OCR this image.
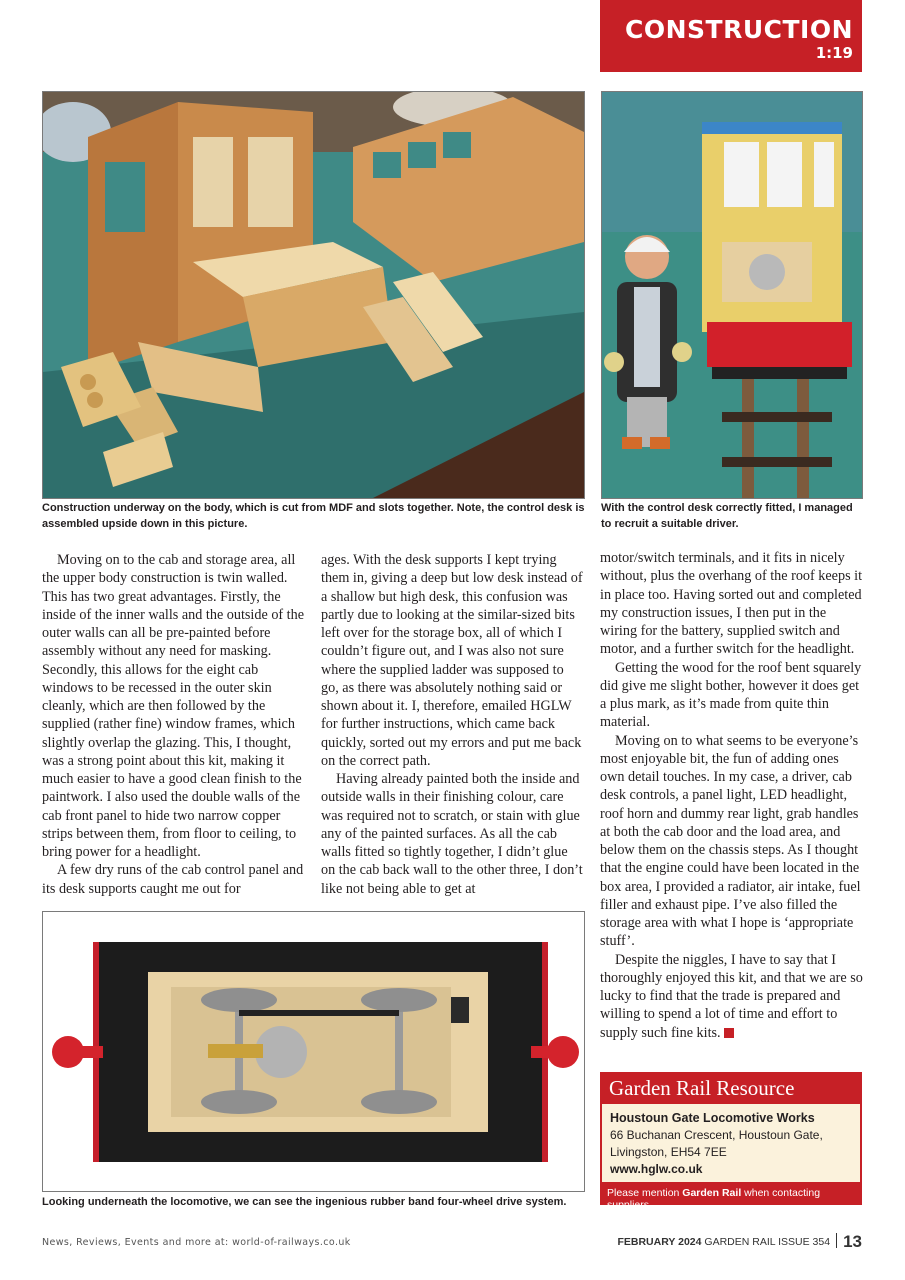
CONSTRUCTION
1:19
Construction underway on the body, which is cut from MDF and slots together. Note, the control desk is assembled upside down in this picture.
With the control desk correctly fitted, I managed to recruit a suitable driver.

Moving on to the cab and storage area, all the upper body construction is twin walled. This has two great advantages. Firstly, the inside of the inner walls and the outside of the outer walls can all be pre-painted before assembly without any need for masking. Secondly, this allows for the eight cab windows to be recessed in the outer skin cleanly, which are then followed by the supplied (rather fine) window frames, which slightly overlap the glazing. This, I thought, was a strong point about this kit, making it much easier to have a good clean finish to the paintwork. I also used the double walls of the cab front panel to hide two narrow copper strips between them, from floor to ceiling, to bring power for a headlight.

A few dry runs of the cab control panel and its desk supports caught me out for

ages. With the desk supports I kept trying them in, giving a deep but low desk instead of a shallow but high desk, this confusion was partly due to looking at the similar-sized bits left over for the storage box, all of which I couldn’t figure out, and I was also not sure where the supplied ladder was supposed to go, as there was absolutely nothing said or shown about it. I, therefore, emailed HGLW for further instructions, which came back quickly, sorted out my errors and put me back on the correct path.

Having already painted both the inside and outside walls in their finishing colour, care was required not to scratch, or stain with glue any of the painted surfaces. As all the cab walls fitted so tightly together, I didn’t glue on the cab back wall to the other three, I don’t like not being able to get at

motor/switch terminals, and it fits in nicely without, plus the overhang of the roof keeps it in place too. Having sorted out and completed my construction issues, I then put in the wiring for the battery, supplied switch and motor, and a further switch for the headlight.

Getting the wood for the roof bent squarely did give me slight bother, however it does get a plus mark, as it’s made from quite thin material.

Moving on to what seems to be everyone’s most enjoyable bit, the fun of adding ones own detail touches. In my case, a driver, cab desk controls, a panel light, LED headlight, roof horn and dummy rear light, grab handles at both the cab door and the load area, and below them on the chassis steps. As I thought that the engine could have been located in the box area, I provided a radiator, air intake, fuel filler and exhaust pipe. I’ve also filled the storage area with what I hope is ‘appropriate stuff’.

Despite the niggles, I have to say that I thoroughly enjoyed this kit, and that we are so lucky to find that the trade is prepared and willing to spend a lot of time and effort to supply such fine kits.

Looking underneath the locomotive, we can see the ingenious rubber band four-wheel drive system.
Garden Rail Resource
Houstoun Gate Locomotive Works
66 Buchanan Crescent, Houstoun Gate,
Livingston, EH54 7EE
www.hglw.co.uk
Please mention Garden Rail when contacting suppliers.
News, Reviews, Events and more at: world-of-railways.co.uk	FEBRUARY 2024 GARDEN RAIL ISSUE 354 13
